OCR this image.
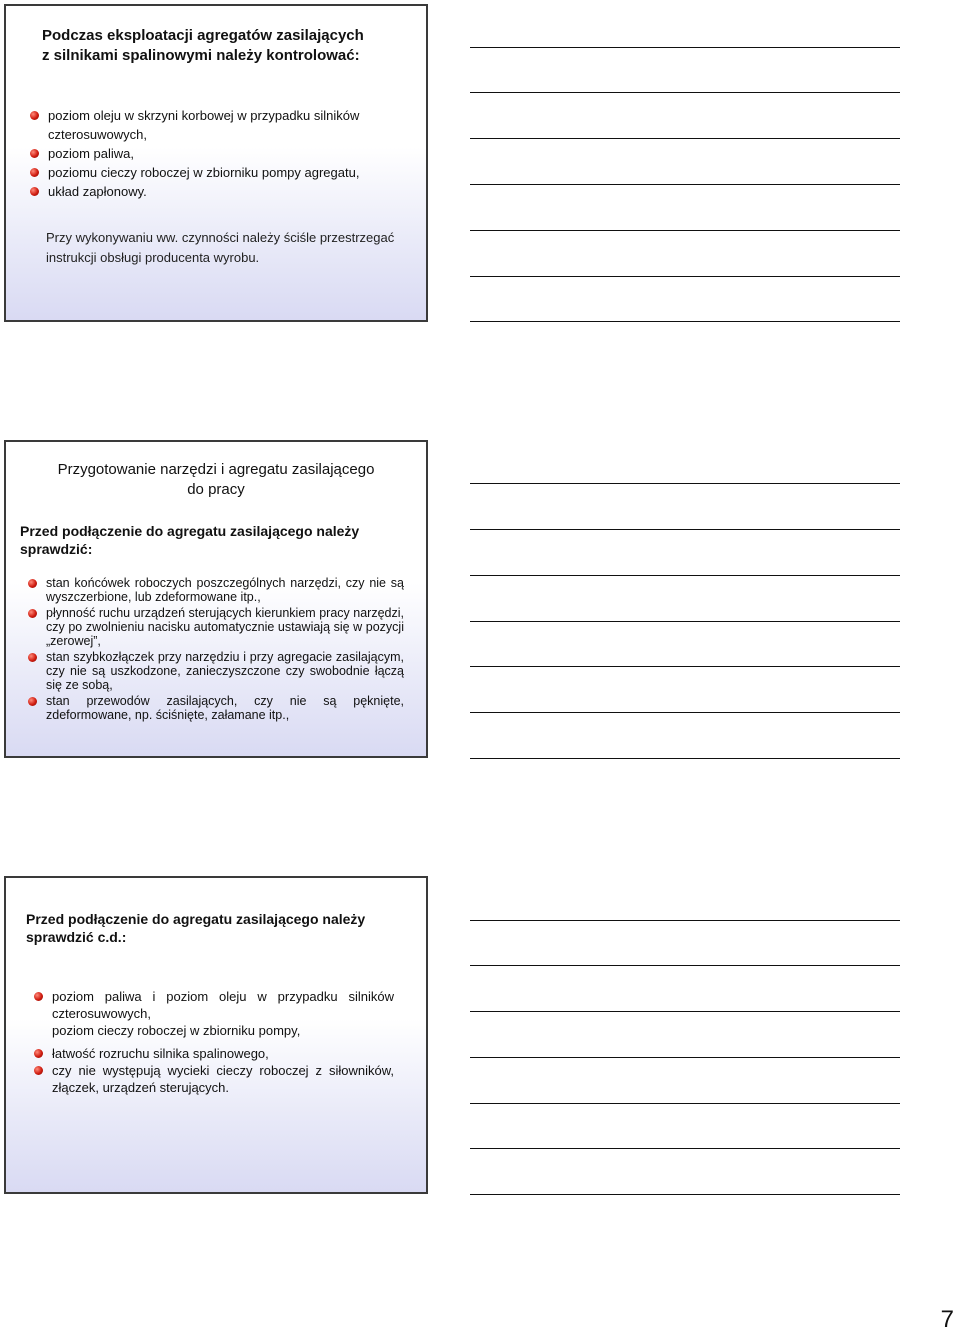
Podczas eksploatacji agregatów zasilających
z silnikami spalinowymi należy kontrolować:
poziom oleju w skrzyni korbowej w przypadku silników czterosuwowych,
poziom paliwa,
poziomu cieczy roboczej w zbiorniku pompy agregatu,
układ zapłonowy.
Przy wykonywaniu ww. czynności należy ściśle przestrzegać instrukcji obsługi producenta wyrobu.
Przygotowanie narzędzi i agregatu zasilającego
do pracy
Przed podłączenie do agregatu zasilającego należy
sprawdzić:
stan końcówek roboczych poszczególnych narzędzi, czy nie są wyszczerbione, lub zdeformowane itp.,
płynność ruchu urządzeń sterujących kierunkiem pracy narzędzi, czy po zwolnieniu nacisku automatycznie ustawiają się w pozycji „zerowej”,
stan szybkozłączek przy narzędziu i przy agregacie zasilającym, czy nie są uszkodzone, zanieczyszczone czy swobodnie łączą się ze sobą,
stan przewodów zasilających, czy nie są pęknięte, zdeformowane, np. ściśnięte, załamane itp.,
Przed podłączenie do agregatu zasilającego należy
sprawdzić c.d.:
poziom paliwa i poziom oleju w przypadku silników czterosuwowych,
poziom cieczy roboczej w zbiorniku pompy,
łatwość rozruchu silnika spalinowego,
czy nie występują wycieki cieczy roboczej z siłowników, złączek, urządzeń sterujących.
7
